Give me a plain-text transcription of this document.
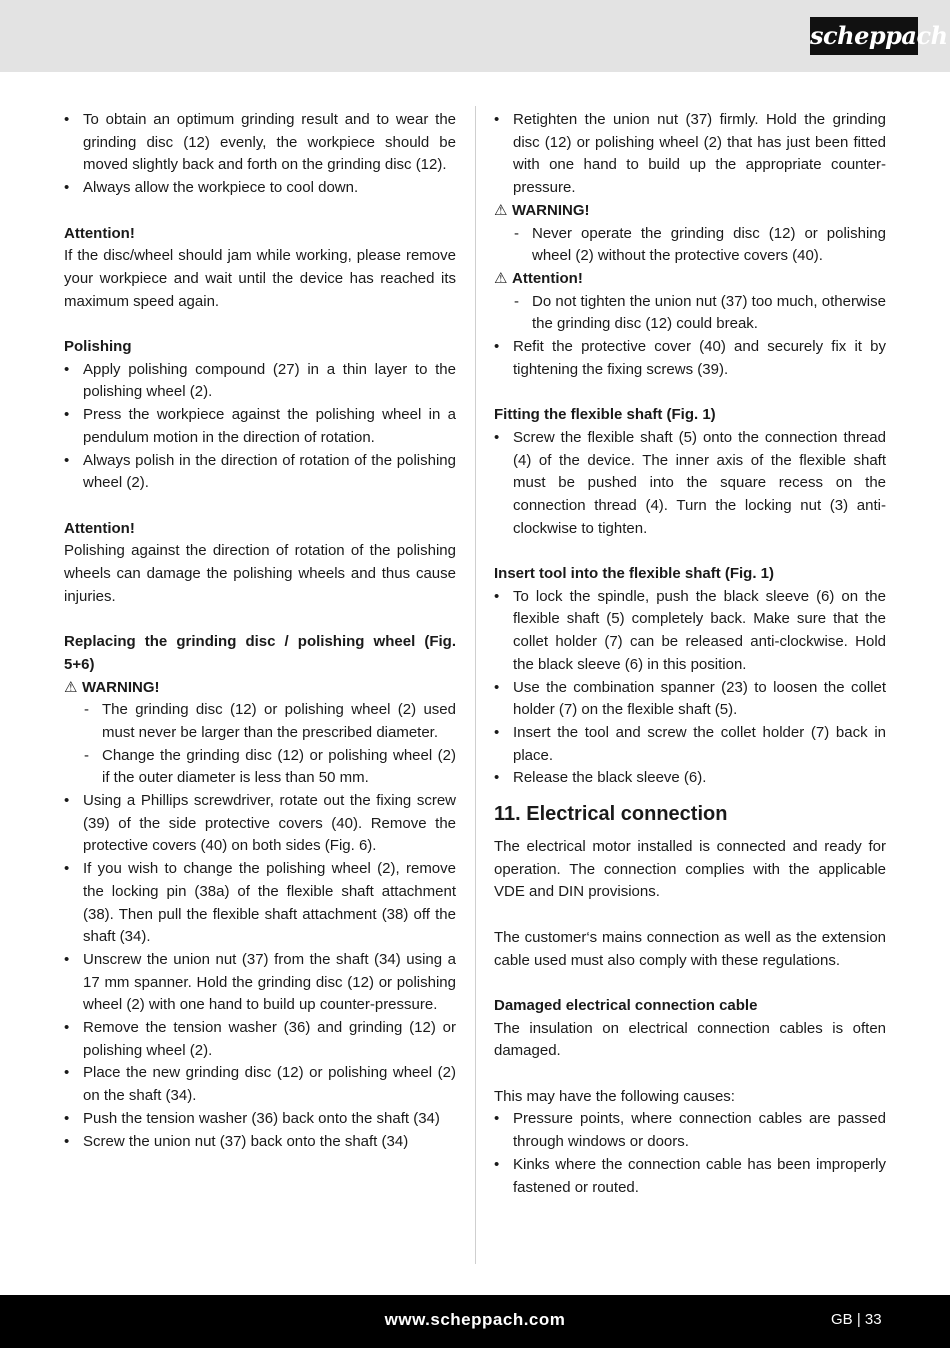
scheppach

• To obtain an optimum grinding result and to wear the grinding disc (12) evenly, the workpiece should be moved slightly back and forth on the grinding disc (12).

• Always allow the workpiece to cool down.

Attention!

If the disc/wheel should jam while working, please remove your workpiece and wait until the device has reached its maximum speed again.

Polishing

• Apply polishing compound (27) in a thin layer to the polishing wheel (2).

• Press the workpiece against the polishing wheel in a pendulum motion in the direction of rotation.

• Always polish in the direction of rotation of the polishing wheel (2).

Attention!

Polishing against the direction of rotation of the polishing wheels can damage the polishing wheels and thus cause injuries.

Replacing the grinding disc / polishing wheel (Fig. 5+6)

⚠ WARNING!

- The grinding disc (12) or polishing wheel (2) used must never be larger than the prescribed diameter.

- Change the grinding disc (12) or polishing wheel (2) if the outer diameter is less than 50 mm.

• Using a Phillips screwdriver, rotate out the fixing screw (39) of the side protective covers (40). Remove the protective covers (40) on both sides (Fig. 6).

• If you wish to change the polishing wheel (2), remove the locking pin (38a) of the flexible shaft attachment (38). Then pull the flexible shaft attachment (38) off the shaft (34).

• Unscrew the union nut (37) from the shaft (34) using a 17 mm spanner. Hold the grinding disc (12) or polishing wheel (2) with one hand to build up counter-pressure.

• Remove the tension washer (36) and grinding (12) or polishing wheel (2).

• Place the new grinding disc (12) or polishing wheel (2) on the shaft (34).

• Push the tension washer (36) back onto the shaft (34)

• Screw the union nut (37) back onto the shaft (34)

• Retighten the union nut (37) firmly. Hold the grinding disc (12) or polishing wheel (2) that has just been fitted with one hand to build up the appropriate counter-pressure.

⚠ WARNING!

- Never operate the grinding disc (12) or polishing wheel (2) without the protective covers (40).

⚠ Attention!

- Do not tighten the union nut (37) too much, otherwise the grinding disc (12) could break.

• Refit the protective cover (40) and securely fix it by tightening the fixing screws (39).

Fitting the flexible shaft (Fig. 1)

• Screw the flexible shaft (5) onto the connection thread (4) of the device. The inner axis of the flexible shaft must be pushed into the square recess on the connection thread (4). Turn the locking nut (3) anti-clockwise to tighten.

Insert tool into the flexible shaft (Fig. 1)

• To lock the spindle, push the black sleeve (6) on the flexible shaft (5) completely back. Make sure that the collet holder (7) can be released anti-clockwise. Hold the black sleeve (6) in this position.

• Use the combination spanner (23) to loosen the collet holder (7) on the flexible shaft (5).

• Insert the tool and screw the collet holder (7) back in place.

• Release the black sleeve (6).

11. Electrical connection

The electrical motor installed is connected and ready for operation. The connection complies with the applicable VDE and DIN provisions.

The customer‘s mains connection as well as the extension cable used must also comply with these regulations.

Damaged electrical connection cable

The insulation on electrical connection cables is often damaged.

This may have the following causes:

• Pressure points, where connection cables are passed through windows or doors.

• Kinks where the connection cable has been improperly fastened or routed.

www.scheppach.com	GB | 33
